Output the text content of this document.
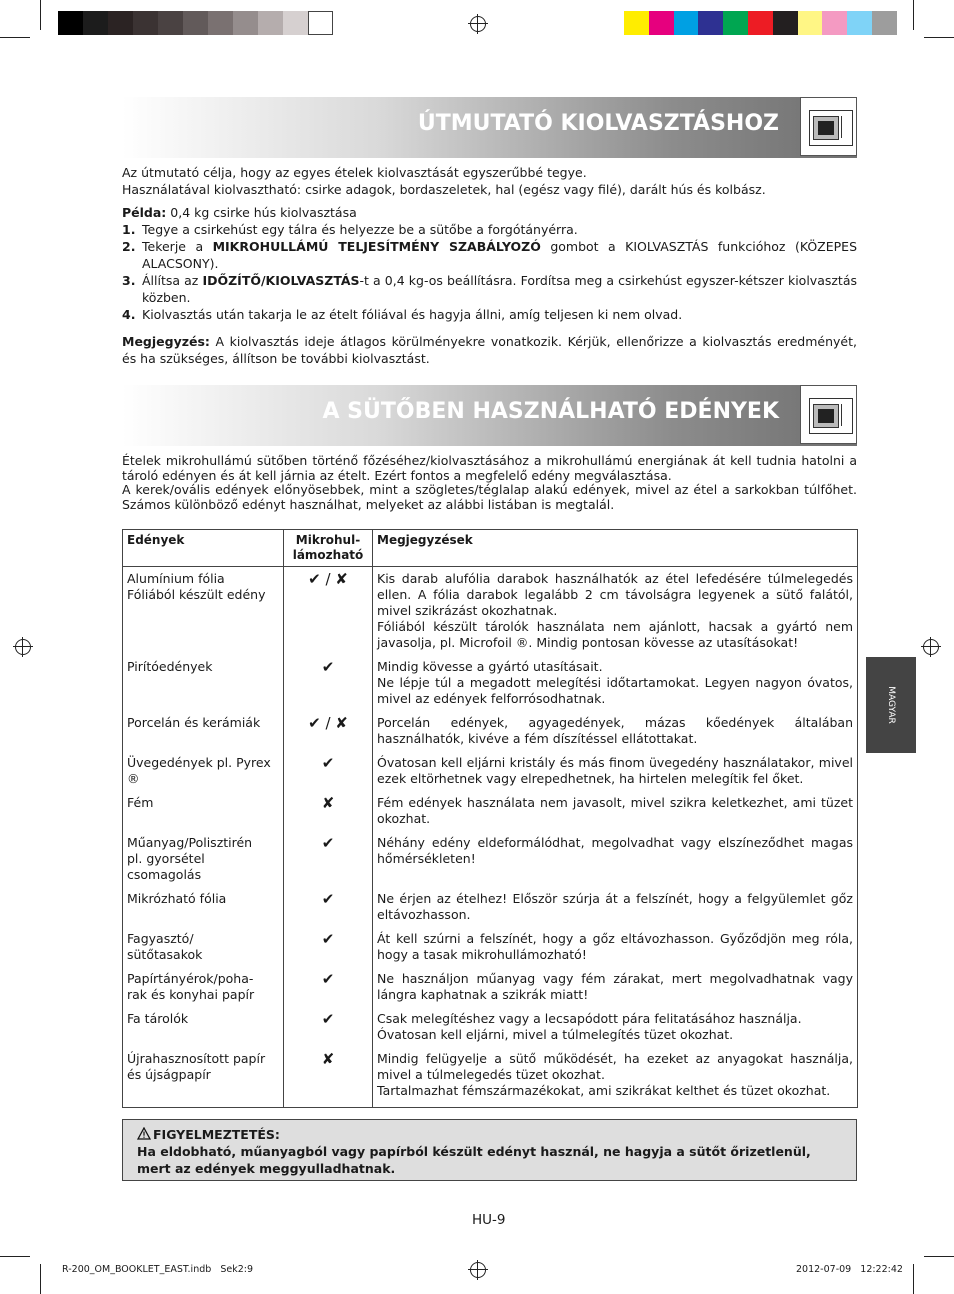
ÚTMUTATÓ KIOLVASZTÁSHOZ

Az útmutató célja, hogy az egyes ételek kiolvasztását egyszerűbbé tegye.

Használatával kiolvasztható: csirke adagok, bordaszeletek, hal (egész vagy filé), darált hús és kolbász.

Példa: 0,4 kg csirke hús kiolvasztása
1. Tegye a csirkehúst egy tálra és helyezze be a sütőbe a forgótányérra.
2. Tekerje a MIKROHULLÁMÚ TELJESÍTMÉNY SZABÁLYOZÓ gombot a KIOLVASZTÁS funkcióhoz (KÖZEPES ALACSONY).
3. Állítsa az IDŐZÍTŐ/KIOLVASZTÁS-t a 0,4 kg-os beállításra. Fordítsa meg a csirkehúst egyszer-kétszer kiolvasztás közben.
4. Kiolvasztás után takarja le az ételt fóliával és hagyja állni, amíg teljesen ki nem olvad.
Megjegyzés: A kiolvasztás ideje átlagos körülményekre vonatkozik. Kérjük, ellenőrizze a kiolvasztás eredményét, és ha szükséges, állítson be további kiolvasztást.
A SÜTŐBEN HASZNÁLHATÓ EDÉNYEK

Ételek mikrohullámú sütőben történő főzéséhez/kiolvasztásához a mikrohullámú energiának át kell tudnia hatolni a tároló edényen és át kell járnia az ételt. Ezért fontos a megfelelő edény megválasztása.

A kerek/ovális edények előnyösebbek, mint a szögletes/téglalap alakú edények, mivel az étel a sarkokban túlfőhet. Számos különböző edényt használhat, melyeket az alábbi listában is megtalál.

Edények	Mikrohul-lámozható	Megjegyzések
Alumínium fólia
Fóliából készült edény	✔ / ✘	Kis darab alufólia darabok használhatók az étel lefedésére túlmelegedés ellen. A fólia darabok legalább 2 cm távolságra legyenek a sütő falától, mivel szikrázást okozhatnak.
Fóliából készült tárolók használata nem ajánlott, hacsak a gyártó nem javasolja, pl. Microfoil ®. Mindig pontosan kövesse az utasításokat!
Pirítóedények	✔	Mindig kövesse a gyártó utasításait.
Ne lépje túl a megadott melegítési időtartamokat. Legyen nagyon óvatos, mivel az edények felforrósodhatnak.
Porcelán és kerámiák	✔ / ✘	Porcelán edények, agyagedények, mázas kőedények általában használhatók, kivéve a fém díszítéssel ellátottakat.
Üvegedények pl. Pyrex ®	✔	Óvatosan kell eljárni kristály és más finom üvegedény használatakor, mivel ezek eltörhetnek vagy elrepedhetnek, ha hirtelen melegítik fel őket.
Fém	✘	Fém edények használata nem javasolt, mivel szikra keletkezhet, ami tüzet okozhat.
Műanyag/Polisztirén
pl. gyorsétel
csomagolás	✔	Néhány edény eldeformálódhat, megolvadhat vagy elszíneződhet magas hőmérsékleten!
Mikrózható fólia	✔	Ne érjen az ételhez! Először szúrja át a felszínét, hogy a felgyülemlet gőz eltávozhasson.
Fagyasztó/
sütőtasakok	✔	Át kell szúrni a felszínét, hogy a gőz eltávozhasson. Győződjön meg róla, hogy a tasak mikrohullámozható!
Papírtányérok/poha-
rak és konyhai papír	✔	Ne használjon műanyag vagy fém zárakat, mert megolvadhatnak vagy lángra kaphatnak a szikrák miatt!
Fa tárolók	✔	Csak melegítéshez vagy a lecsapódott pára felitatásához használja.
Óvatosan kell eljárni, mivel a túlmelegítés tüzet okozhat.
Újrahasznosított papír
és újságpapír	✘	Mindig felügyelje a sütő működését, ha ezeket az anyagokat használja, mivel a túlmelegedés tüzet okozhat.
Tartalmazhat fémszármazékokat, ami szikrákat kelthet és tüzet okozhat.
FIGYELMEZTETÉS:
Ha eldobható, műanyagból vagy papírból készült edényt használ, ne hagyja a sütőt őrizetlenül, mert az edények meggyulladhatnak.
MAGYAR
HU-9
R-200_OM_BOOKLET_EAST.indb   Sek2:9	2012-07-09   12:22:42
